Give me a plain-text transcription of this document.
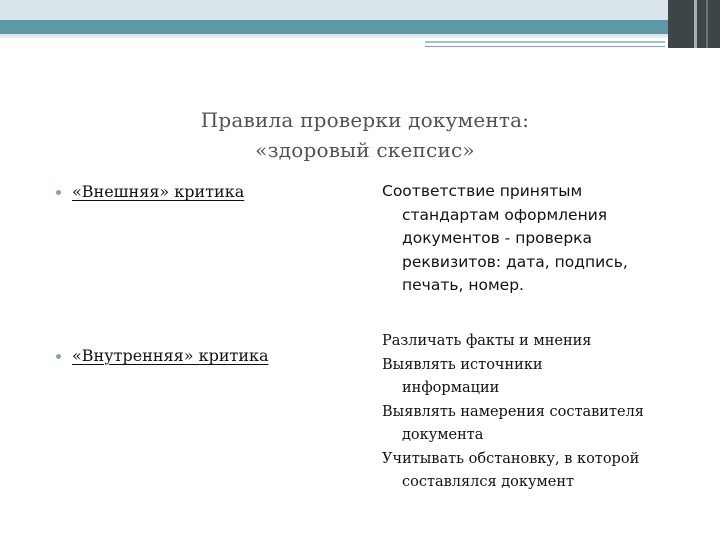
Правила проверки документа:
«здоровый скепсис»
«Внешняя» критика	Соответствие принятым
стандартам оформления
документов - проверка
реквизитов: дата, подпись,
печать, номер.
«Внутренняя» критика
Различать факты и мнения
Выявлять источники
информации
Выявлять намерения составителя
документа
Учитывать обстановку, в которой
составлялся документ
